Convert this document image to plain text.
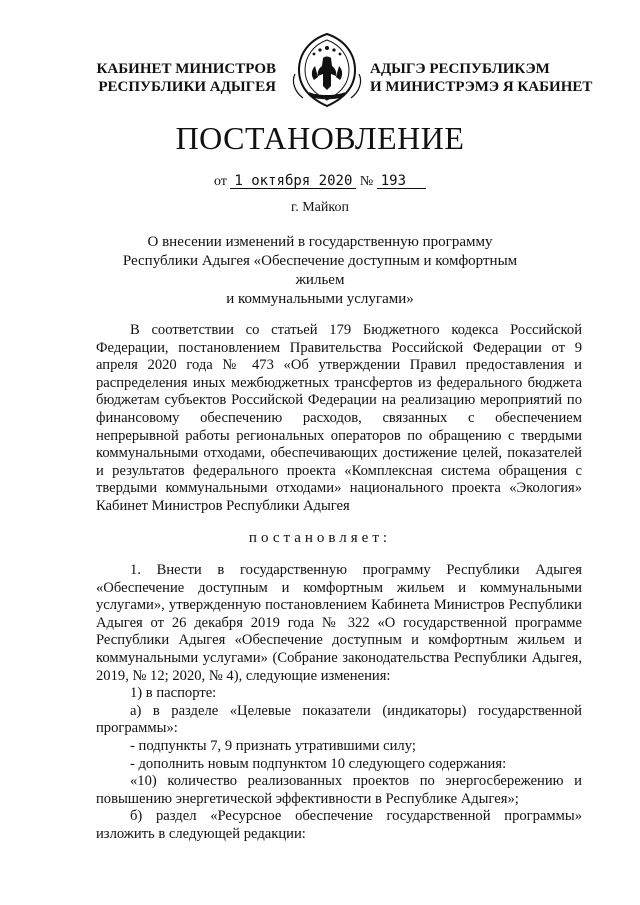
КАБИНЕТ МИНИСТРОВ
РЕСПУБЛИКИ АДЫГЕЯ
АДЫГЭ РЕСПУБЛИКЭМ
И МИНИСТРЭМЭ Я КАБИНЕТ
ПОСТАНОВЛЕНИЕ
от 1 октября 2020 № 193
г. Майкоп
О внесении изменений в государственную программу
Республики Адыгея «Обеспечение доступным и комфортным жильем
и коммунальными услугами»

В соответствии со статьей 179 Бюджетного кодекса Российской Федерации, постановлением Правительства Российской Федерации от 9 апреля 2020 года № 473 «Об утверждении Правил предоставления и распределения иных межбюджетных трансфертов из федерального бюджета бюджетам субъектов Российской Федерации на реализацию мероприятий по финансовому обеспечению расходов, связанных с обеспечением непрерывной работы региональных операторов по обращению с твердыми коммунальными отходами, обеспечивающих достижение целей, показателей и результатов федерального проекта «Комплексная система обращения с твердыми коммунальными отходами» национального проекта «Экология» Кабинет Министров Республики Адыгея

постановляет:

1. Внести в государственную программу Республики Адыгея «Обеспечение доступным и комфортным жильем и коммунальными услугами», утвержденную постановлением Кабинета Министров Республики Адыгея от 26 декабря 2019 года № 322 «О государственной программе Республики Адыгея «Обеспечение доступным и комфортным жильем и коммунальными услугами» (Собрание законодательства Республики Адыгея, 2019, № 12; 2020, № 4), следующие изменения:

1) в паспорте:

а) в разделе «Целевые показатели (индикаторы) государственной программы»:

- подпункты 7, 9 признать утратившими силу;

- дополнить новым подпунктом 10 следующего содержания:

«10) количество реализованных проектов по энергосбережению и повышению энергетической эффективности в Республике Адыгея»;

б) раздел «Ресурсное обеспечение государственной программы» изложить в следующей редакции:
